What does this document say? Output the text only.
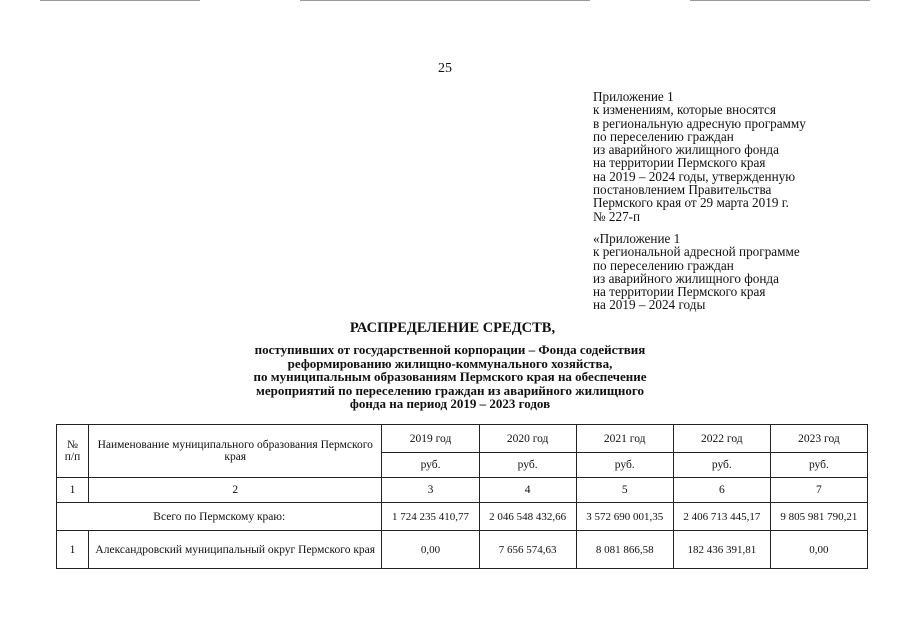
25
Приложение 1
к изменениям, которые вносятся
в региональную адресную программу
по переселению граждан
из аварийного жилищного фонда
на территории Пермского края
на 2019 – 2024 годы, утвержденную
постановлением Правительства
Пермского края от 29 марта 2019 г.
№ 227-п
«Приложение 1
к региональной адресной программе
по переселению граждан
из аварийного жилищного фонда
на территории Пермского края
на 2019 – 2024 годы
РАСПРЕДЕЛЕНИЕ СРЕДСТВ,
поступивших от государственной корпорации – Фонда содействия
реформированию жилищно-коммунального хозяйства,
по муниципальным образованиям Пермского края на обеспечение
мероприятий по переселению граждан из аварийного жилищного
фонда на период 2019 – 2023 годов
№ п/п	Наименование муниципального образования Пермского края	2019 год	2020 год	2021 год	2022 год	2023 год
		руб.	руб.	руб.	руб.	руб.
1	2	3	4	5	6	7
Всего по Пермскому краю:		1 724 235 410,77	2 046 548 432,66	3 572 690 001,35	2 406 713 445,17	9 805 981 790,21
1	Александровский муниципальный округ Пермского края	0,00	7 656 574,63	8 081 866,58	182 436 391,81	0,00
